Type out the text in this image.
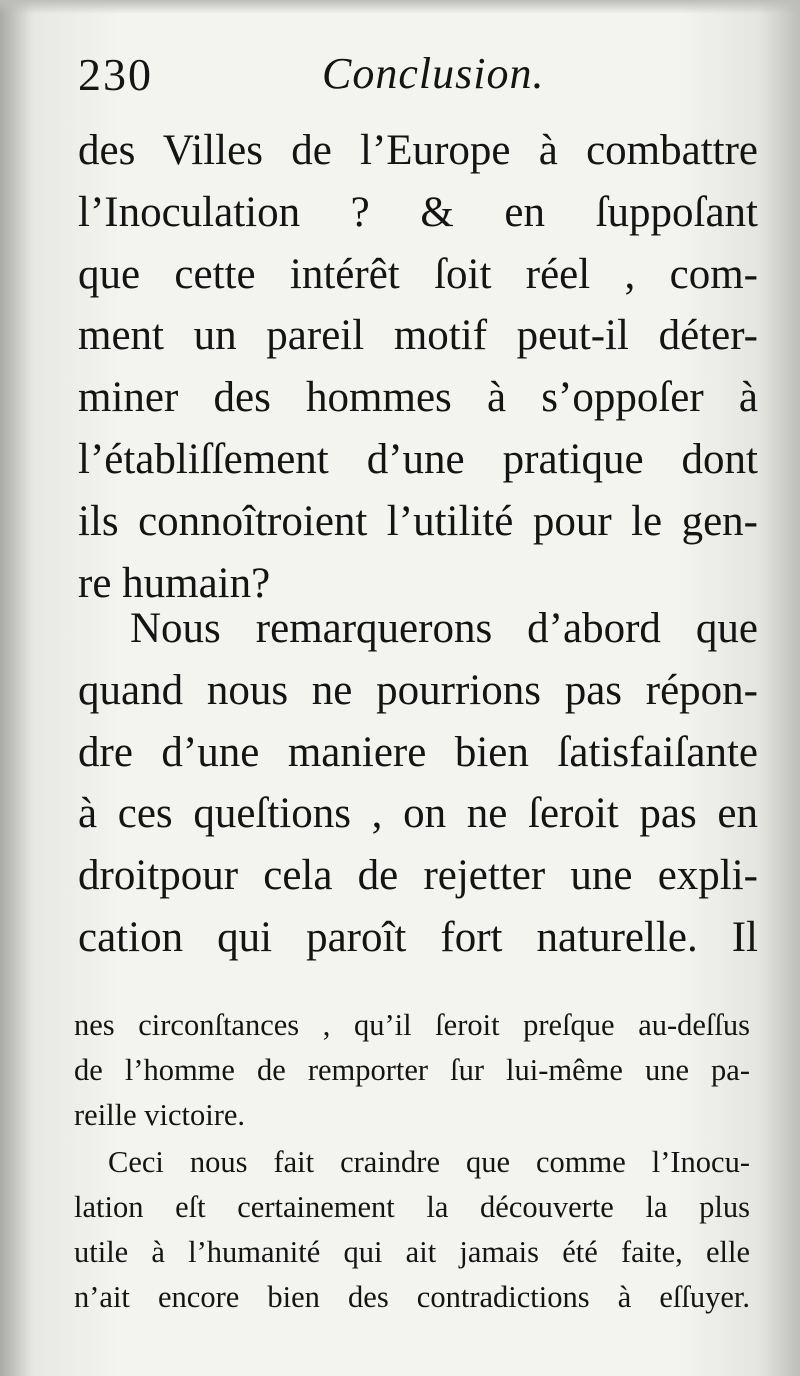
230	Conclusion.
des Villes de l’Europe à combattre
l’Inoculation ? & en ſuppoſant
que cette intérêt ſoit réel , com-
ment un pareil motif peut-il déter-
miner des hommes à s’oppoſer à
l’établiſſement d’une pratique dont
ils connoîtroient l’utilité pour le gen-
re humain?
Nous remarquerons d’abord que
quand nous ne pourrions pas répon-
dre d’une maniere bien ſatisfaiſante
à ces queſtions , on ne ſeroit pas en
droitpour cela de rejetter une expli-
cation qui paroît fort naturelle. Il
nes circonſtances , qu’il ſeroit preſque au-deſſus
de l’homme de remporter ſur lui-même une pa-
reille victoire.
Ceci nous fait craindre que comme l’Inocu-
lation eſt certainement la découverte la plus
utile à l’humanité qui ait jamais été faite, elle
n’ait encore bien des contradictions à eſſuyer.
